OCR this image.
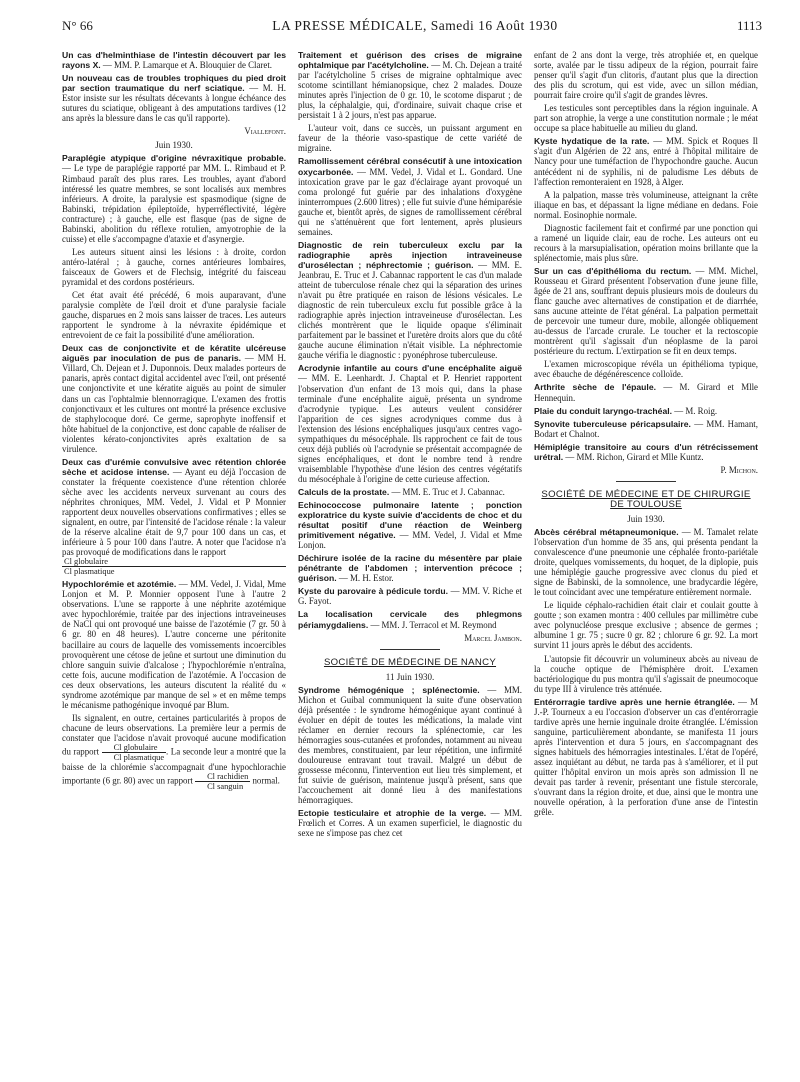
N° 66	LA PRESSE MÉDICALE, Samedi 16 Août 1930	1113

Un cas d'helminthiase de l'intestin découvert par les rayons X. — MM. P. Lamarque et A. Blouquier de Claret.

Un nouveau cas de troubles trophiques du pied droit par section traumatique du nerf sciatique. — M. H. Estor insiste sur les résultats décevants à longue échéance des sutures du sciatique, obligeant à des amputations tardives (12 ans après la blessure dans le cas qu'il rapporte).

Viallefont.

Juin 1930.

Paraplégie atypique d'origine névraxitique probable. — Le type de paraplégie rapporté par MM. L. Rimbaud et P. Rimbaud paraît des plus rares. Les troubles, ayant d'abord intéressé les quatre membres, se sont localisés aux membres inférieurs. A droite, la paralysie est spasmodique (signe de Babinski, trépidation épileptoïde, hyperréflectivité, légère contracture) ; à gauche, elle est flasque (pas de signe de Babinski, abolition du réflexe rotulien, amyotrophie de la cuisse) et elle s'accompagne d'ataxie et d'asynergie.

Les auteurs situent ainsi les lésions : à droite, cordon antéro-latéral ; à gauche, cornes antérieures lombaires, faisceaux de Gowers et de Flechsig, intégrité du faisceau pyramidal et des cordons postérieurs.

Cet état avait été précédé, 6 mois auparavant, d'une paralysie complète de l'œil droit et d'une paralysie faciale gauche, disparues en 2 mois sans laisser de traces. Les auteurs rapportent le syndrome à la névraxite épidémique et entrevoient de ce fait la possibilité d'une amélioration.

Deux cas de conjonctivite et de kératite ulcéreuse aiguës par inoculation de pus de panaris. — MM H. Villard, Ch. Dejean et J. Duponnois. Deux malades porteurs de panaris, après contact digital accidentel avec l'œil, ont présenté une conjonctivite et une kératite aiguës au point de simuler dans un cas l'ophtalmie blennorragique. L'examen des frottis conjonctivaux et les cultures ont montré la présence exclusive de staphylocoque doré. Ce germe, saprophyte inoffensif et hôte habituel de la conjonctive, est donc capable de réaliser de violentes kérato-conjonctivites après exaltation de sa virulence.

Deux cas d'urémie convulsive avec rétention chlorée sèche et acidose intense. — Ayant eu déjà l'occasion de constater la fréquente coexistence d'une rétention chlorée sèche avec les accidents nerveux survenant au cours des néphrites chroniques, MM. Vedel, J. Vidal et P Monnier rapportent deux nouvelles observations confirmatives ; elles se signalent, en outre, par l'intensité de l'acidose rénale : la valeur de la réserve alcaline était de 9,7 pour 100 dans un cas, et inférieure à 5 pour 100 dans l'autre. A noter que l'acidose n'a pas provoqué de modifications dans le rapport
Cl globulaire
Cl plasmatique

Hypochlorémie et azotémie. — MM. Vedel, J. Vidal, Mme Lonjon et M. P. Monnier opposent l'une à l'autre 2 observations. L'une se rapporte à une néphrite azotémique avec hypochlorémie, traitée par des injections intraveineuses de NaCl qui ont provoqué une baisse de l'azotémie (7 gr. 50 à 6 gr. 80 en 48 heures). L'autre concerne une péritonite bacillaire au cours de laquelle des vomissements incoercibles provoquèrent une cétose de jeûne et surtout une diminution du chlore sanguin suivie d'alcalose ; l'hypochlorémie n'entraîna, cette fois, aucune modification de l'azotémie. A l'occasion de ces deux observations, les auteurs discutent la réalité du « syndrome azotémique par manque de sel » et en même temps le mécanisme pathogénique invoqué par Blum.

Ils signalent, en outre, certaines particularités à propos de chacune de leurs observations. La première leur a permis de constater que l'acidose n'avait provoqué aucune modification du rapport $\frac{\text{Cl globulaire}}{\text{Cl plasmatique}}$ . La seconde leur a montré que la baisse de la chlorémie s'accompagnait d'une hypochlorachie importante (6 gr. 80) avec un rapport $\frac{\text{Cl rachidien}}{\text{Cl sanguin}}$ normal.

Traitement et guérison des crises de migraine ophtalmique par l'acétylcholine. — M. Ch. Dejean a traité par l'acétylcholine 5 crises de migraine ophtalmique avec scotome scintillant hémianopsique, chez 2 malades. Douze minutes après l'injection de 0 gr. 10, le scotome disparut ; de plus, la céphalalgie, qui, d'ordinaire, suivait chaque crise et persistait 1 à 2 jours, n'est pas apparue.

L'auteur voit, dans ce succès, un puissant argument en faveur de la théorie vaso-spastique de cette variété de migraine.

Ramollissement cérébral consécutif à une intoxication oxycarbonée. — MM. Vedel, J. Vidal et L. Gondard. Une intoxication grave par le gaz d'éclairage ayant provoqué un coma prolongé fut guérie par des inhalations d'oxygène ininterrompues (2.600 litres) ; elle fut suivie d'une hémiparésie gauche et, bientôt après, de signes de ramollissement cérébral qui ne s'atténuèrent que fort lentement, après plusieurs semaines.

Diagnostic de rein tuberculeux exclu par la radiographie après injection intraveineuse d'urosélectan ; néphrectomie ; guérison. — MM. E. Jeanbrau, E. Truc et J. Cabannac rapportent le cas d'un malade atteint de tuberculose rénale chez qui la séparation des urines n'avait pu être pratiquée en raison de lésions vésicales. Le diagnostic de rein tuberculeux exclu fut possible grâce à la radiographie après injection intraveineuse d'urosélectan. Les clichés montrèrent que le liquide opaque s'éliminait parfaitement par le bassinet et l'uretère droits alors que du côté gauche aucune élimination n'était visible. La néphrectomie gauche vérifia le diagnostic : pyonéphrose tuberculeuse.

Acrodynie infantile au cours d'une encéphalite aiguë — MM. E. Leenhardt. J. Chaptal et P. Henriet rapportent l'observation d'un enfant de 13 mois qui, dans la phase terminale d'une encéphalite aiguë, présenta un syndrome d'acrodynie typique. Les auteurs veulent considérer l'apparition de ces signes acrodyniques comme dus à l'extension des lésions encéphaliques jusqu'aux centres vago-sympathiques du mésocéphale. Ils rapprochent ce fait de tous ceux déjà publiés où l'acrodynie se présentait accompagnée de signes encéphaliques, et dont le nombre tend à rendre vraisemblable l'hypothèse d'une lésion des centres végétatifs du mésocéphale à l'origine de cette curieuse affection.

Calculs de la prostate. — MM. E. Truc et J. Cabannac.

Echinococcose pulmonaire latente ; ponction exploratrice du kyste suivie d'accidents de choc et du résultat positif d'une réaction de Weinberg primitivement négative. — MM. Vedel, J. Vidal et Mme Lonjon.

Déchirure isolée de la racine du mésentère par plaie pénétrante de l'abdomen ; intervention précoce ; guérison. — M. H. Estor.

Kyste du parovaire à pédicule tordu. — MM. V. Riche et G. Fayot.

La localisation cervicale des phlegmons périamygdaliens. — MM. J. Terracol et M. Reymond

Marcel Jambon.

SOCIÉTÉ DE MÉDECINE DE NANCY

11 Juin 1930.

Syndrome hémogénique ; splénectomie. — MM. Michon et Guibal communiquent la suite d'une observation déjà présentée : le syndrome hémogénique ayant continué à évoluer en dépit de toutes les médications, la malade vint réclamer en dernier recours la splénectomie, car les hémorragies sous-cutanées et profondes, notamment au niveau des membres, constituaient, par leur répétition, une infirmité douloureuse entravant tout travail. Malgré un début de grossesse méconnu, l'intervention eut lieu très simplement, et fut suivie de guérison, maintenue jusqu'à présent, sans que l'accouchement ait donné lieu à des manifestations hémorragiques.

Ectopie testiculaire et atrophie de la verge. — MM. Frœlich et Corres. A un examen superficiel, le diagnostic du sexe ne s'impose pas chez cet

enfant de 2 ans dont la verge, très atrophiée et, en quelque sorte, avalée par le tissu adipeux de la région, pourrait faire penser qu'il s'agit d'un clitoris, d'autant plus que la direction des plis du scrotum, qui est vide, avec un sillon médian, pourrait faire croire qu'il s'agit de grandes lèvres.

Les testicules sont perceptibles dans la région inguinale. A part son atrophie, la verge a une constitution normale ; le méat occupe sa place habituelle au milieu du gland.

Kyste hydatique de la rate. — MM. Spick et Roques Il s'agit d'un Algérien de 22 ans, entré à l'hôpital militaire de Nancy pour une tuméfaction de l'hypochondre gauche. Aucun antécédent ni de syphilis, ni de paludisme Les débuts de l'affection remonteraient en 1928, à Alger.

A la palpation, masse très volumineuse, atteignant la crête iliaque en bas, et dépassant la ligne médiane en dedans. Foie normal. Eosinophie normale.

Diagnostic facilement fait et confirmé par une ponction qui a ramené un liquide clair, eau de roche. Les auteurs ont eu recours à la marsupialisation, opération moins brillante que la splénectomie, mais plus sûre.

Sur un cas d'épithélioma du rectum. — MM. Michel, Rousseau et Girard présentent l'observation d'une jeune fille, âgée de 21 ans, souffrant depuis plusieurs mois de douleurs du flanc gauche avec alternatives de constipation et de diarrhée, sans aucune atteinte de l'état général. La palpation permettait de percevoir une tumeur dure, mobile, allongée obliquement au-dessus de l'arcade crurale. Le toucher et la rectoscopie montrèrent qu'il s'agissait d'un néoplasme de la paroi postérieure du rectum. L'extirpation se fit en deux temps.

L'examen microscopique révéla un épithélioma typique, avec ébauche de dégénérescence colloïde.

Arthrite sèche de l'épaule. — M. Girard et Mlle Hennequin.

Plaie du conduit laryngo-trachéal. — M. Roig.

Synovite tuberculeuse péricapsulaire. — MM. Hamant, Bodart et Chalnot.

Hémiplégie transitoire au cours d'un rétrécissement urétral. — MM. Richon, Girard et Mlle Kuntz.

P. Michon.

SOCIÉTÉ DE MÉDECINE ET DE CHIRURGIE

DE TOULOUSE

Juin 1930.

Abcès cérébral métapneumonique. — M. Tamalet relate l'observation d'un homme de 35 ans, qui présenta pendant la convalescence d'une pneumonie une céphalée fronto-pariétale droite, quelques vomissements, du hoquet, de la diplopie, puis une hémiplégie gauche progressive avec clonus du pied et signe de Babinski, de la somnolence, une bradycardie légère, le tout coïncidant avec une température entièrement normale.

Le liquide céphalo-rachidien était clair et coulait goutte à goutte ; son examen montra : 400 cellules par millimètre cube avec polynucléose presque exclusive ; absence de germes ; albumine 1 gr. 75 ; sucre 0 gr. 82 ; chlorure 6 gr. 92. La mort survint 11 jours après le début des accidents.

L'autopsie fit découvrir un volumineux abcès au niveau de la couche optique de l'hémisphère droit. L'examen bactériologique du pus montra qu'il s'agissait de pneumocoque du type III à virulence très atténuée.

Entérorragie tardive après une hernie étranglée. — M J.-P. Tourneux a eu l'occasion d'observer un cas d'entérorragie tardive après une hernie inguinale droite étranglée. L'émission sanguine, particulièrement abondante, se manifesta 11 jours après l'intervention et dura 5 jours, en s'accompagnant des signes habituels des hémorragies intestinales. L'état de l'opéré, assez inquiétant au début, ne tarda pas à s'améliorer, et il put quitter l'hôpital environ un mois après son admission Il ne devait pas tarder à revenir, présentant une fistule stercorale, s'ouvrant dans la région droite, et due, ainsi que le montra une nouvelle opération, à la perforation d'une anse de l'intestin grêle.
